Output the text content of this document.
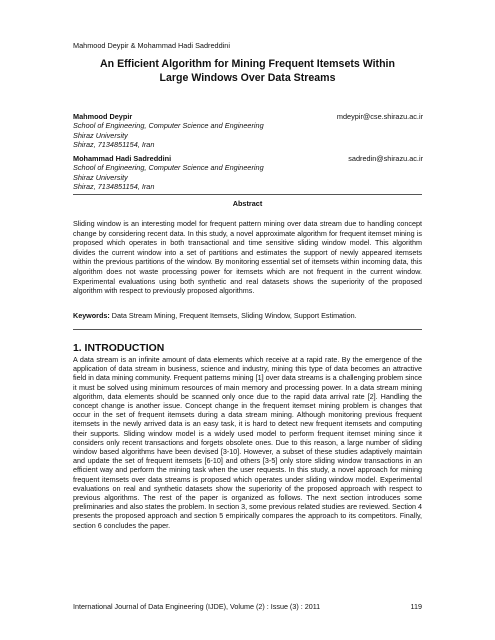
Mahmood Deypir & Mohammad Hadi Sadreddini
An Efficient Algorithm for Mining Frequent Itemsets Within
Large Windows Over Data Streams
Mahmood Deypir	mdeypir@cse.shirazu.ac.ir
School of Engineering, Computer Science and Engineering
Shiraz University
Shiraz, 7134851154, Iran
Mohammad Hadi Sadreddini	sadredin@shirazu.ac.ir
School of Engineering, Computer Science and Engineering
Shiraz University
Shiraz, 7134851154, Iran
Abstract
Sliding window is an interesting model for frequent pattern mining over data stream due to handling concept change by considering recent data. In this study, a novel approximate algorithm for frequent itemset mining is proposed which operates in both transactional and time sensitive sliding window model. This algorithm divides the current window into a set of partitions and estimates the support of newly appeared itemsets within the previous partitions of the window. By monitoring essential set of itemsets within incoming data, this algorithm does not waste processing power for itemsets which are not frequent in the current window. Experimental evaluations using both synthetic and real datasets shows the superiority of the proposed algorithm with respect to previously proposed algorithms.
Keywords: Data Stream Mining, Frequent Itemsets, Sliding Window, Support Estimation.
1. INTRODUCTION
A data stream is an infinite amount of data elements which receive at a rapid rate. By the emergence of the application of data stream in business, science and industry, mining this type of data becomes an attractive field in data mining community. Frequent patterns mining [1] over data streams is a challenging problem since it must be solved using minimum resources of main memory and processing power. In a data stream mining algorithm, data elements should be scanned only once due to the rapid data arrival rate [2]. Handling the concept change is another issue. Concept change in the frequent itemset mining problem is changes that occur in the set of frequent itemsets during a data stream mining. Although monitoring previous frequent itemsets in the newly arrived data is an easy task, it is hard to detect new frequent itemsets and computing their supports. Sliding window model is a widely used model to perform frequent itemset mining since it considers only recent transactions and forgets obsolete ones. Due to this reason, a large number of sliding window based algorithms have been devised [3-10]. However, a subset of these studies adaptively maintain and update the set of frequent itemsets [6-10] and others [3-5] only store sliding window transactions in an efficient way and perform the mining task when the user requests. In this study, a novel approach for mining frequent itemsets over data streams is proposed which operates under sliding window model. Experimental evaluations on real and synthetic datasets show the superiority of the proposed approach with respect to previous algorithms. The rest of the paper is organized as follows. The next section introduces some preliminaries and also states the problem. In section 3, some previous related studies are reviewed. Section 4 presents the proposed approach and section 5 empirically compares the approach to its competitors. Finally, section 6 concludes the paper.
International Journal of Data Engineering (IJDE), Volume (2) : Issue (3) : 2011	119
